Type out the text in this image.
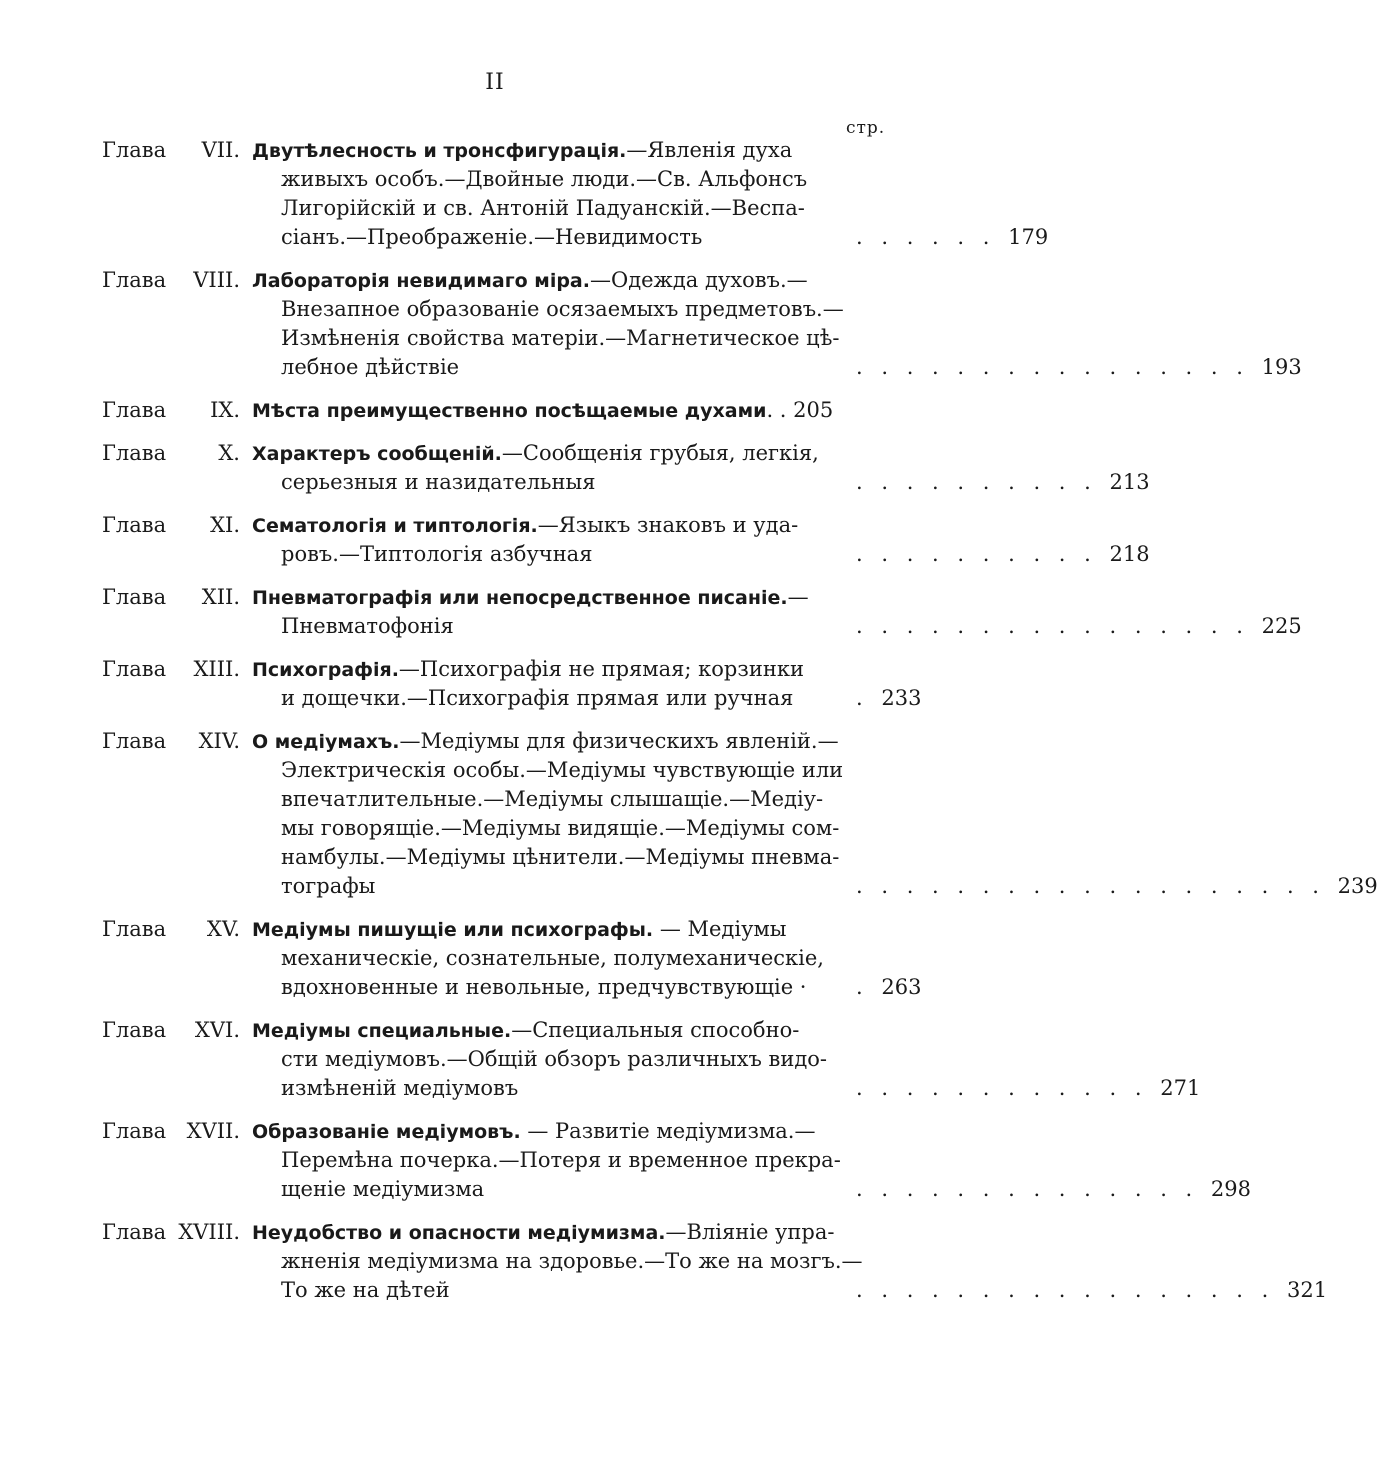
II
стр.
Глава VII. Двутѣлесность и тронсфигурація.—Явленія духа
живыхъ особъ.—Двойные люди.—Св. Альфонсъ
Лигорійскій и св. Антоній Падуанскій.—Веспа-
сіанъ.—Преображеніе.—Невидимость	. . . . . . 179
Глава VIII. Лабораторія невидимаго міра.—Одежда духовъ.—
Внезапное образованіе осязаемыхъ предметовъ.—
Измѣненія свойства матеріи.—Магнетическое цѣ-
лебное дѣйствіе	. . . . . . . . . . . . . . . . 193
Глава IX. Мѣста преимущественно посѣщаемые духами. . 205
Глава X. Характеръ сообщеній.—Сообщенія грубыя, легкія,
серьезныя и назидательныя	. . . . . . . . . . 213
Глава XI. Сематологія и типтологія.—Языкъ знаковъ и уда-
ровъ.—Типтологія азбучная	. . . . . . . . . . 218
Глава XII. Пневматографія или непосредственное писаніе.—
Пневматофонія	. . . . . . . . . . . . . . . . 225
Глава XIII. Психографія.—Психографія не прямая; корзинки
и дощечки.—Психографія прямая или ручная	. 233
Глава XIV. О медіумахъ.—Медіумы для физическихъ явленій.—
Электрическія особы.—Медіумы чувствующіе или
впечатлительные.—Медіумы слышащіе.—Медіу-
мы говорящіе.—Медіумы видящіе.—Медіумы сом-
намбулы.—Медіумы цѣнители.—Медіумы пневма-
тографы	. . . . . . . . . . . . . . . . . . . 239
Глава XV. Медіумы пишущіе или психографы. — Медіумы
механическіе, сознательные, полумеханическіе,
вдохновенные и невольные, предчувствующіе · . 263
Глава XVI. Медіумы специальные.—Специальныя способно-
сти медіумовъ.—Общій обзоръ различныхъ видо-
измѣненій медіумовъ	. . . . . . . . . . . . 271
Глава XVII. Образованіе медіумовъ. — Развитіе медіумизма.—
Перемѣна почерка.—Потеря и временное прекра-
щеніе медіумизма	. . . . . . . . . . . . . . 298
Глава XVIII. Неудобство и опасности медіумизма.—Вліяніе упра-
жненія медіумизма на здоровье.—То же на мозгъ.—
То же на дѣтей	. . . . . . . . . . . . . . . . . 321
